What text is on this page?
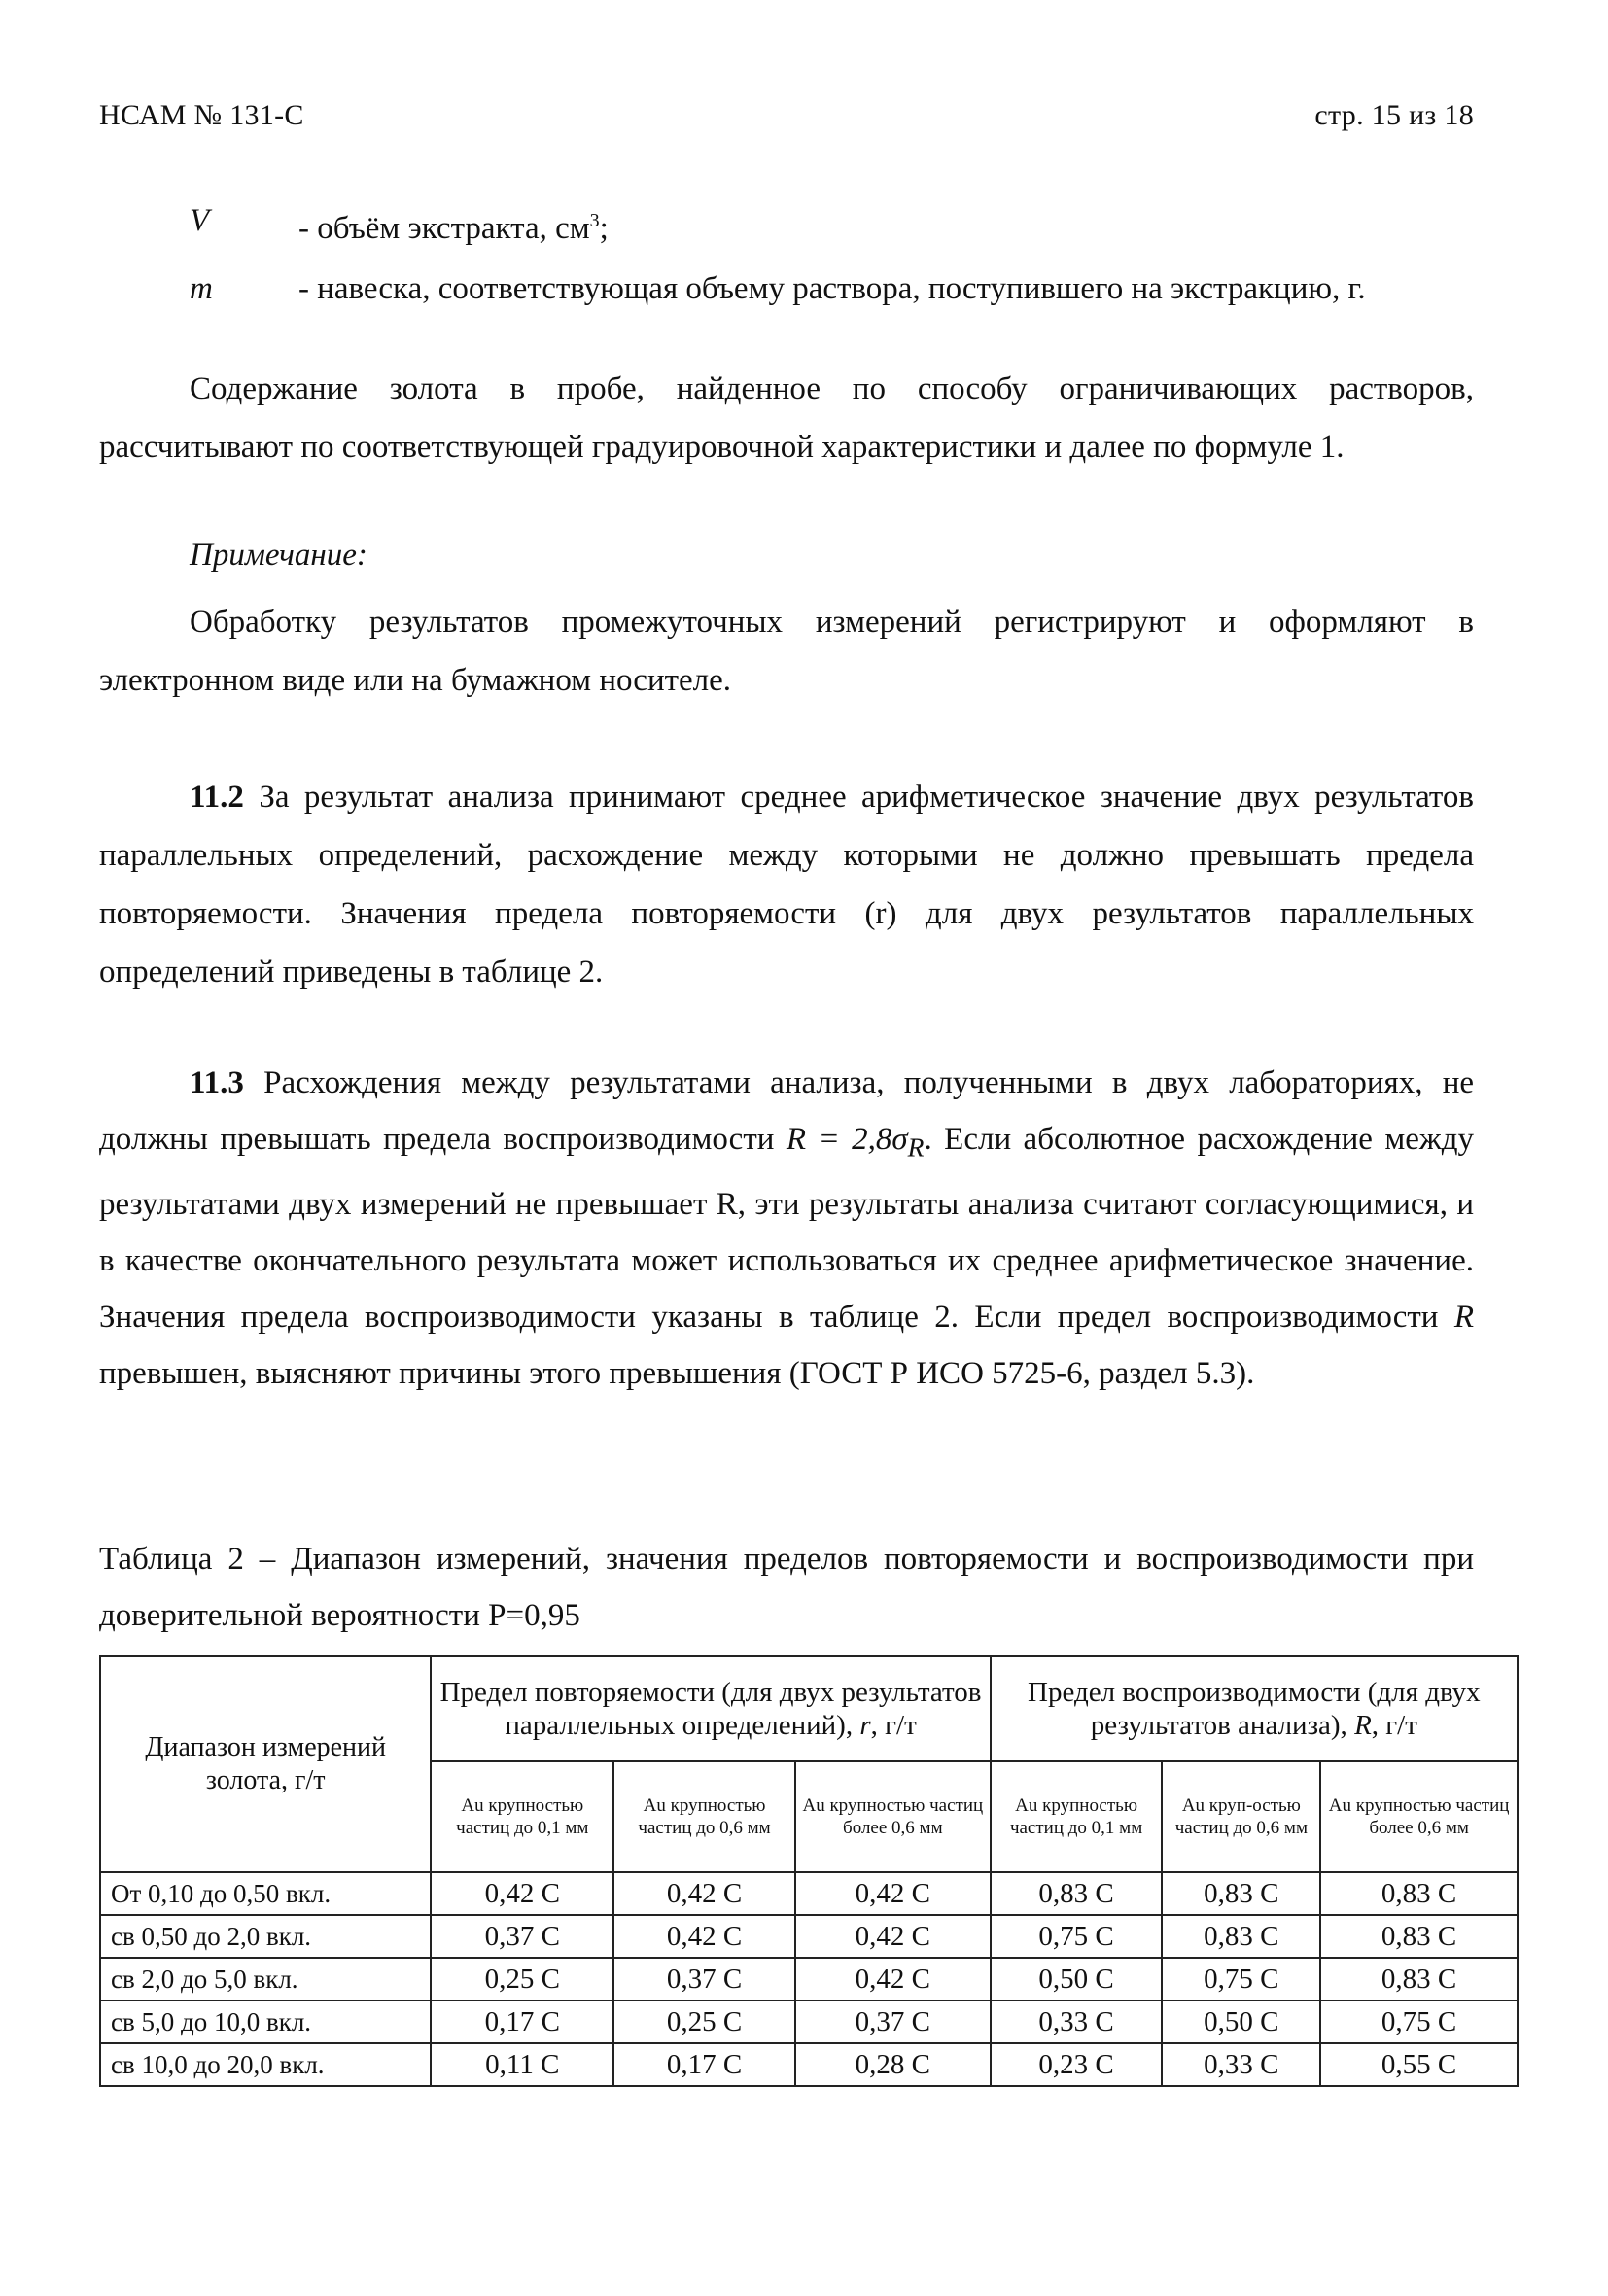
НСАМ № 131-С	стр. 15 из 18
V	- объём экстракта, $см^3$;
m	- навеска, соответствующая объему раствора, поступившего на экстракцию, г.
Содержание золота в пробе, найденное по способу ограничивающих растворов, рассчитывают по соответствующей градуировочной характеристики и далее по формуле 1.
Примечание:
Обработку результатов промежуточных измерений регистрируют и оформляют в электронном виде или на бумажном носителе.
11.2 За результат анализа принимают среднее арифметическое значение двух результатов параллельных определений, расхождение между которыми не должно превышать предела повторяемости. Значения предела повторяемости (r) для двух результатов параллельных определений приведены в таблице 2.
11.3 Расхождения между результатами анализа, полученными в двух лабораториях, не должны превышать предела воспроизводимости $R = 2,8\sigma_R$. Если абсолютное расхождение между результатами двух измерений не превышает R, эти результаты анализа считают согласующимися, и в качестве окончательного результата может использоваться их среднее арифметическое значение. Значения предела воспроизводимости указаны в таблице 2. Если предел воспроизводимости R превышен, выясняют причины этого превышения (ГОСТ Р ИСО 5725-6, раздел 5.3).
Таблица 2 – Диапазон измерений, значения пределов повторяемости и воспроизводимости при доверительной вероятности P=0,95
Диапазон измерений золота, г/т	Предел повторяемости (для двух результатов параллельных определений), r, г/т			Предел воспроизводимости (для двух результатов анализа), R, г/т		
	Au крупностью частиц до 0,1 мм	Au крупностью частиц до 0,6 мм	Au крупностью частиц более 0,6 мм	Au крупностью частиц до 0,1 мм	Au круп-остью частиц до 0,6 мм	Au крупностью частиц более 0,6 мм
От 0,10 до 0,50 вкл.	0,42 С	0,42 С	0,42 С	0,83 С	0,83 С	0,83 С
св 0,50 до 2,0 вкл.	0,37 С	0,42 С	0,42 С	0,75 С	0,83 С	0,83 С
св 2,0 до 5,0 вкл.	0,25 С	0,37 С	0,42 С	0,50 С	0,75 С	0,83 С
св 5,0 до 10,0 вкл.	0,17 С	0,25 С	0,37 С	0,33 С	0,50 С	0,75 С
св 10,0 до 20,0 вкл.	0,11 С	0,17 С	0,28 С	0,23 С	0,33 С	0,55 С
